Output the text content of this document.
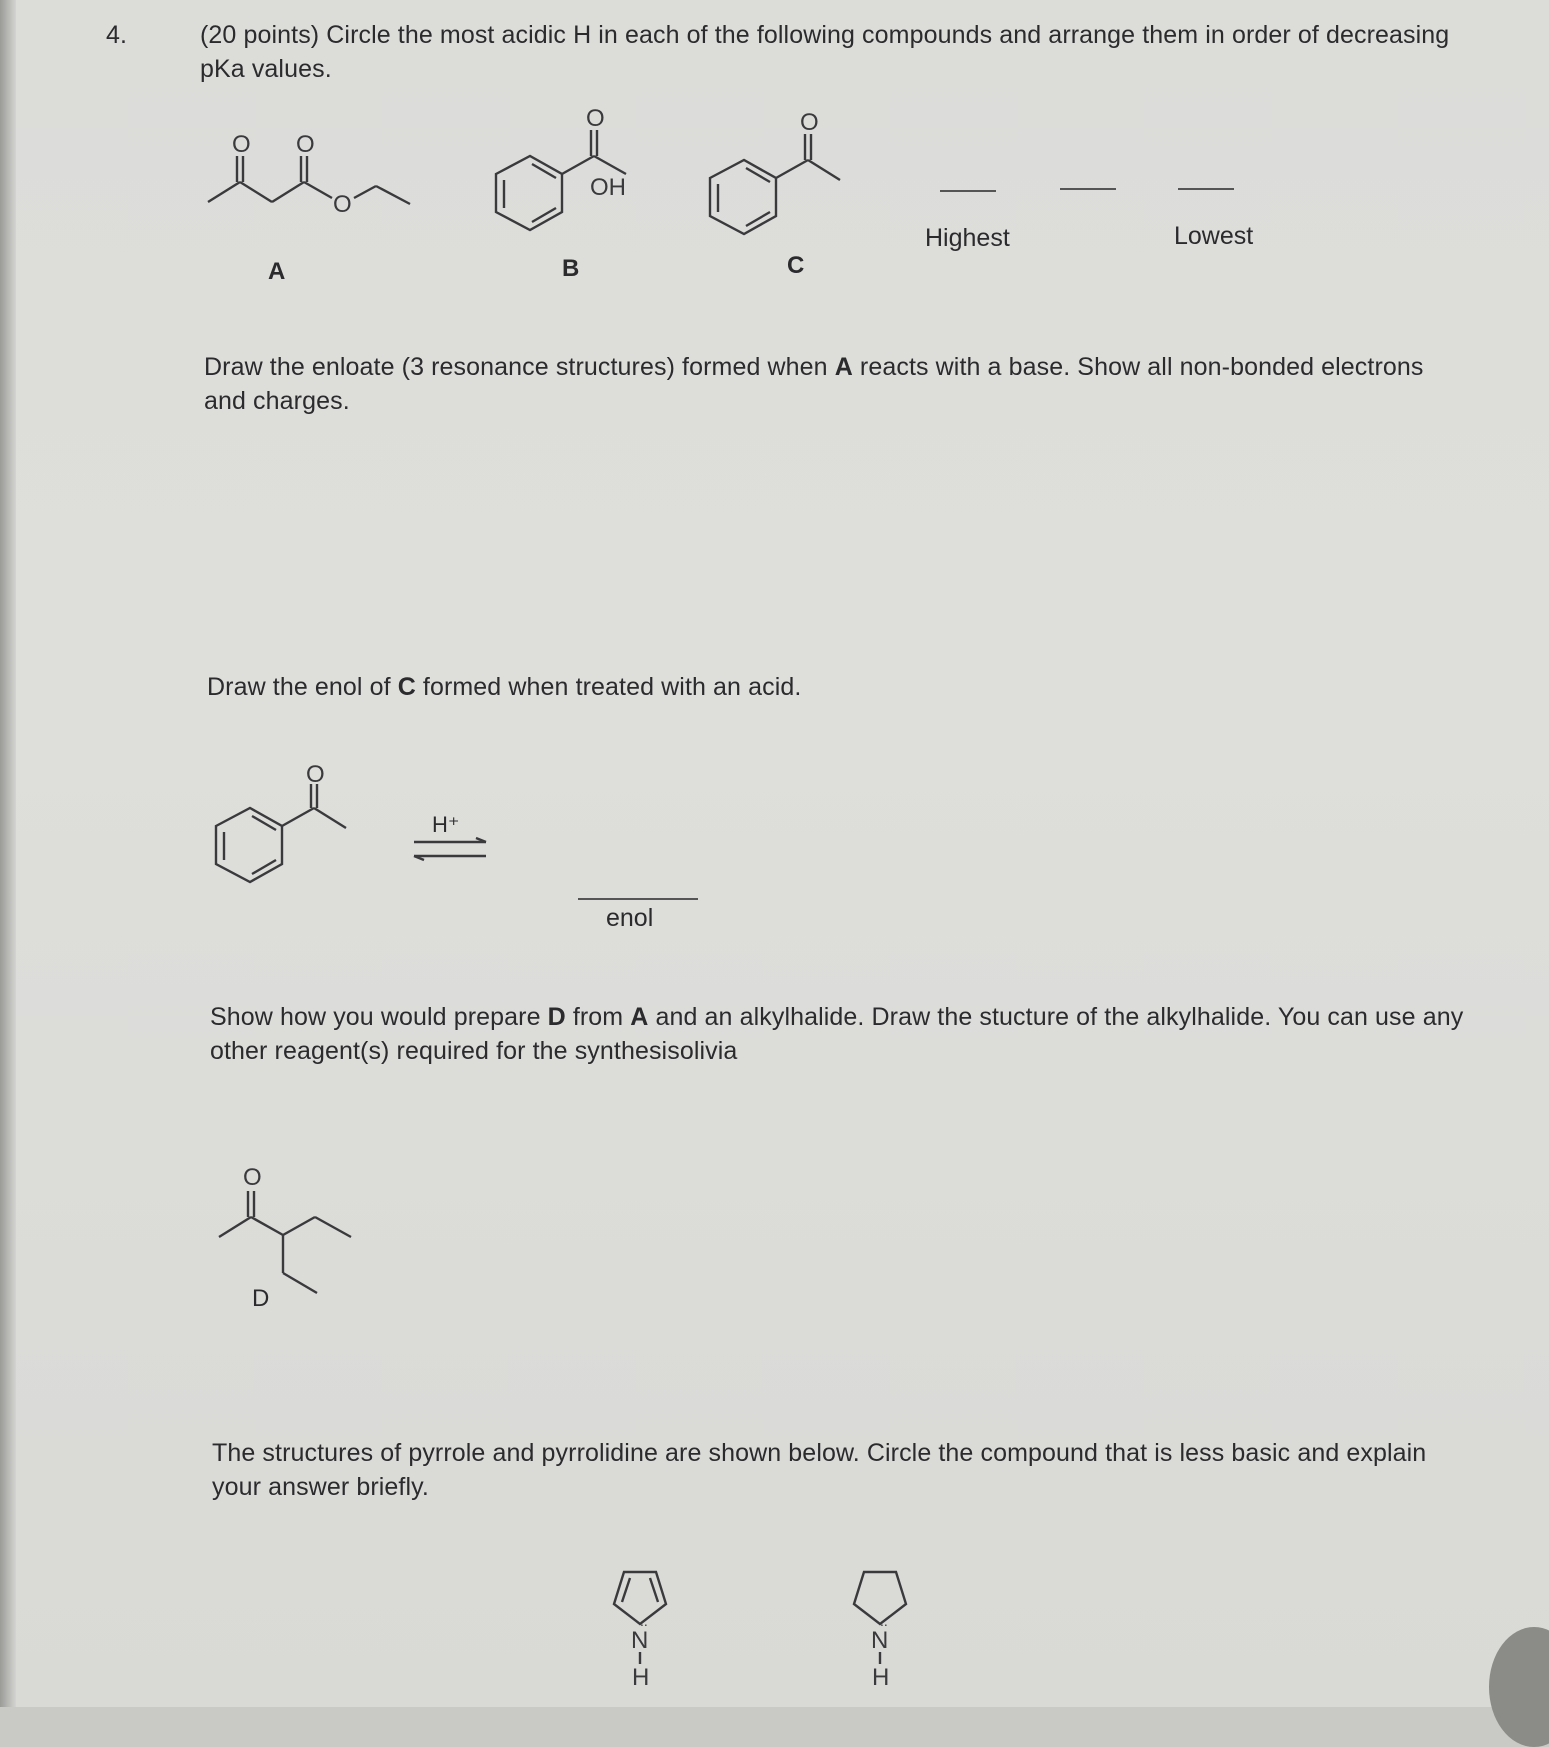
4.	(20 points) Circle the most acidic H in each of the following compounds and arrange them in order of decreasing
pKa values.
O O
O
A
O
OH
B
O
C
Highest	Lowest
Draw the enloate (3 resonance structures) formed when A reacts with a base. Show all non-bonded electrons
and charges.
Draw the enol of C formed when treated with an acid.
O
H⁺
enol
Show how you would prepare D from A and an alkylhalide. Draw the stucture of the alkylhalide. You can use any
other reagent(s) required for the synthesisolivia
O
D
The structures of pyrrole and pyrrolidine are shown below. Circle the compound that is less basic and explain
your answer briefly.
..
N
H
..
N
H
